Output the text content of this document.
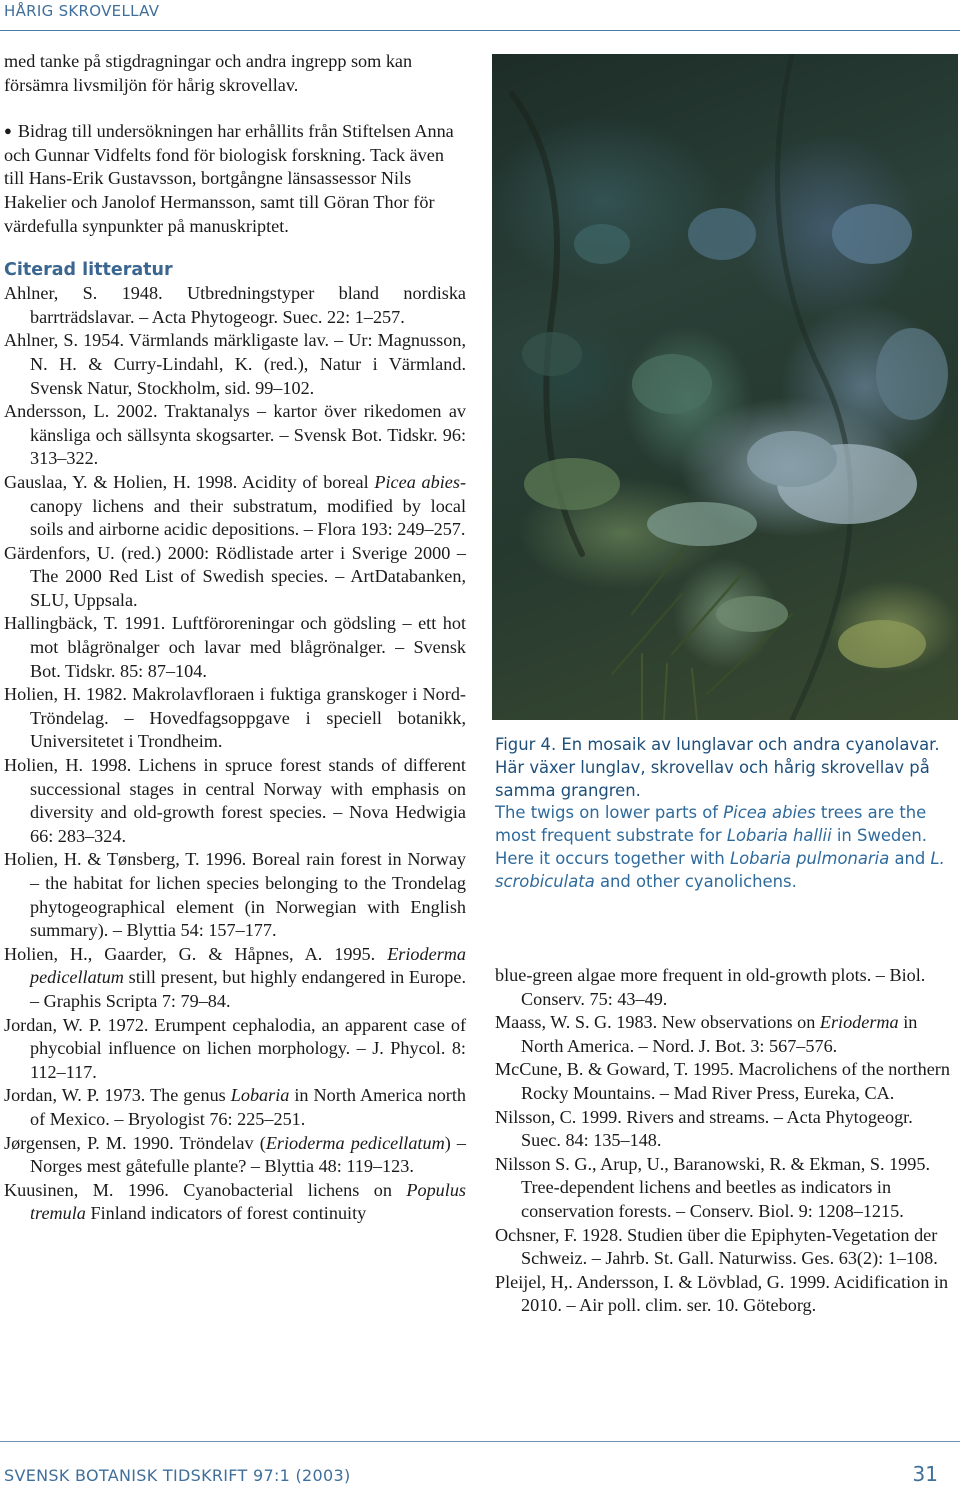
HÅRIG SKROVELLAV

med tanke på stigdragningar och andra ingrepp som kan försämra livsmiljön för hårig skrovellav.

● Bidrag till undersökningen har erhållits från Stiftelsen Anna och Gunnar Vidfelts fond för biologisk forskning. Tack även till Hans-Erik Gustavsson, bortgångne länsassessor Nils Hakelier och Janolof Hermansson, samt till Göran Thor för värdefulla synpunkter på manuskriptet.

Citerad litteratur
Ahlner, S. 1948. Utbredningstyper bland nordiska barrträdslavar. – Acta Phytogeogr. Suec. 22: 1–257.
Ahlner, S. 1954. Värmlands märkligaste lav. – Ur: Magnusson, N. H. & Curry-Lindahl, K. (red.), Natur i Värmland. Svensk Natur, Stockholm, sid. 99–102.
Andersson, L. 2002. Traktanalys – kartor över rikedomen av känsliga och sällsynta skogsarter. – Svensk Bot. Tidskr. 96: 313–322.
Gauslaa, Y. & Holien, H. 1998. Acidity of boreal Picea abies-canopy lichens and their substratum, modified by local soils and airborne acidic depositions. – Flora 193: 249–257.
Gärdenfors, U. (red.) 2000: Rödlistade arter i Sverige 2000 – The 2000 Red List of Swedish species. – ArtDatabanken, SLU, Uppsala.
Hallingbäck, T. 1991. Luftföroreningar och gödsling – ett hot mot blågrönalger och lavar med blågrönalger. – Svensk Bot. Tidskr. 85: 87–104.
Holien, H. 1982. Makrolavfloraen i fuktiga granskoger i Nord-Tröndelag. – Hovedfagsoppgave i speciell botanikk, Universitetet i Trondheim.
Holien, H. 1998. Lichens in spruce forest stands of different successional stages in central Norway with emphasis on diversity and old-growth forest species. – Nova Hedwigia 66: 283–324.
Holien, H. & Tønsberg, T. 1996. Boreal rain forest in Norway – the habitat for lichen species belonging to the Trondelag phytogeographical element (in Norwegian with English summary). – Blyttia 54: 157–177.
Holien, H., Gaarder, G. & Håpnes, A. 1995. Erioderma pedicellatum still present, but highly endangered in Europe. – Graphis Scripta 7: 79–84.
Jordan, W. P. 1972. Erumpent cephalodia, an apparent case of phycobial influence on lichen morphology. – J. Phycol. 8: 112–117.
Jordan, W. P. 1973. The genus Lobaria in North America north of Mexico. – Bryologist 76: 225–251.
Jørgensen, P. M. 1990. Tröndelav (Erioderma pedicellatum) – Norges mest gåtefulle plante? – Blyttia 48: 119–123.
Kuusinen, M. 1996. Cyanobacterial lichens on Populus tremula Finland indicators of forest continuity

Figur 4. En mosaik av lunglavar och andra cyanolavar. Här växer lunglav, skrovellav och hårig skrovellav på samma grangren.

The twigs on lower parts of Picea abies trees are the most frequent substrate for Lobaria hallii in Sweden. Here it occurs together with Lobaria pulmonaria and L. scrobiculata and other cyanolichens.

blue-green algae more frequent in old-growth plots. – Biol. Conserv. 75: 43–49.
Maass, W. S. G. 1983. New observations on Erioderma in North America. – Nord. J. Bot. 3: 567–576.
McCune, B. & Goward, T. 1995. Macrolichens of the northern Rocky Mountains. – Mad River Press, Eureka, CA.
Nilsson, C. 1999. Rivers and streams. – Acta Phytogeogr. Suec. 84: 135–148.
Nilsson S. G., Arup, U., Baranowski, R. & Ekman, S. 1995. Tree-dependent lichens and beetles as indicators in conservation forests. – Conserv. Biol. 9: 1208–1215.
Ochsner, F. 1928. Studien über die Epiphyten-Vegetation der Schweiz. – Jahrb. St. Gall. Naturwiss. Ges. 63(2): 1–108.
Pleijel, H,. Andersson, I. & Lövblad, G. 1999. Acidification in 2010. – Air poll. clim. ser. 10. Göteborg.
SVENSK BOTANISK TIDSKRIFT 97:1 (2003)	31
